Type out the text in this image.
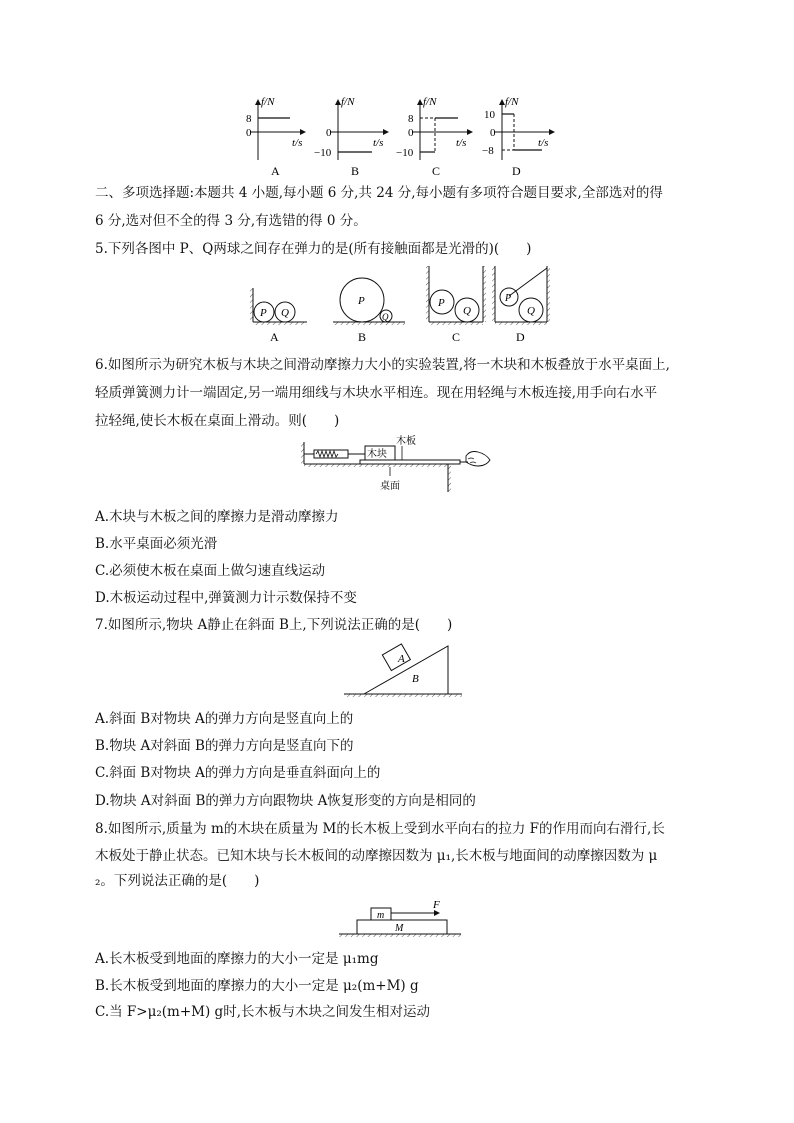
f/N
t/s
8
0
A
f/N
t/s
0
−10
B
f/N
t/s
8
0
−10
C
f/N
t/s
10
0
−8
D
二、多项选择题:本题共 4 小题,每小题 6 分,共 24 分,每小题有多项符合题目要求,全部选对的得
6 分,选对但不全的得 3 分,有选错的得 0 分。
5.下列各图中 P、Q两球之间存在弹力的是(所有接触面都是光滑的)(　　)
P Q
A
P
Q
B
P
Q
C
P
Q
D
6.如图所示为研究木板与木块之间滑动摩擦力大小的实验装置,将一木块和木板叠放于水平桌面上,
轻质弹簧测力计一端固定,另一端用细线与木块水平相连。现在用轻绳与木板连接,用手向右水平
拉轻绳,使长木板在桌面上滑动。则(　　)
木块
木板
桌面
A.木块与木板之间的摩擦力是滑动摩擦力
B.水平桌面必须光滑
C.必须使木板在桌面上做匀速直线运动
D.木板运动过程中,弹簧测力计示数保持不变
7.如图所示,物块 A静止在斜面 B上,下列说法正确的是(　　)
A
B
A.斜面 B对物块 A的弹力方向是竖直向上的
B.物块 A对斜面 B的弹力方向是竖直向下的
C.斜面 B对物块 A的弹力方向是垂直斜面向上的
D.物块 A对斜面 B的弹力方向跟物块 A恢复形变的方向是相同的
8.如图所示,质量为 m的木块在质量为 M的长木板上受到水平向右的拉力 F的作用而向右滑行,长
木板处于静止状态。已知木块与长木板间的动摩擦因数为 μ₁,长木板与地面间的动摩擦因数为 μ
₂。下列说法正确的是(　　)
m
M
F
A.长木板受到地面的摩擦力的大小一定是 μ₁mg
B.长木板受到地面的摩擦力的大小一定是 μ₂(m+M) g
C.当 F>μ₂(m+M) g时,长木板与木块之间发生相对运动
